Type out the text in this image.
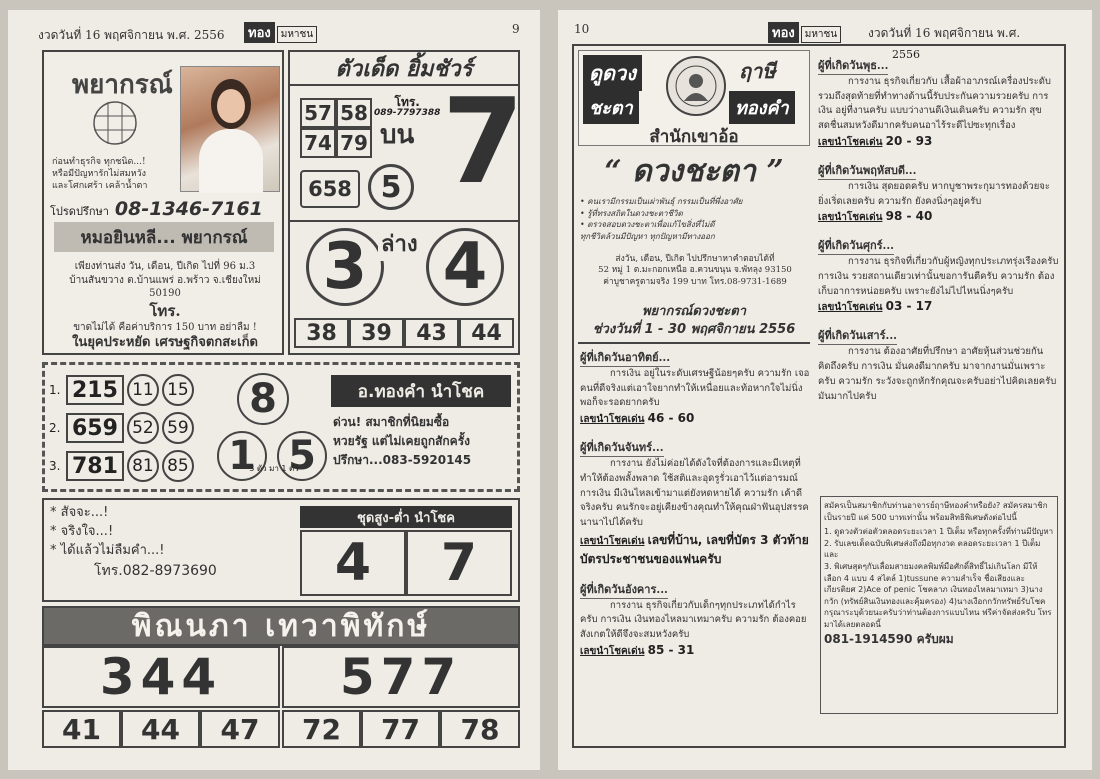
งวดวันที่ 16 พฤศจิกายน พ.ศ. 2556	ทอง มหาชน	9
พยากรณ์
ก่อนทำธุรกิจ ทุกชนิด...!
หรือมีปัญหารักไม่สมหวัง
และโศกเศร้า เคล้าน้ำตา
โปรดปรึกษา 08-1346-7161
หมอยินหลี... พยากรณ์
เพียงท่านส่ง วัน, เดือน, ปีเกิด ไปที่ 96 ม.3
บ้านสันขวาง ต.บ้านแพร่ อ.พร้าว จ.เชียงใหม่ 50190
โทร.
ขาดไม่ได้ คือค่าบริการ 150 บาท อย่าลืม !
ในยุคประหยัด เศรษฐกิจตกสะเก็ด
ตัวเด็ด ยิ้มชัวร์
57 58
74 79
โทร.
089-7797388
บน 7
658 5
3 4
ล่าง
38	39	43	44
1. 215 11 15
2. 659 52 59
3. 781 81 85
8
1 5
3 ตัว มา 1 ตัว
อ.ทองคำ นำโชค
ด่วน! สมาชิกที่นิยมซื้อ
หวยรัฐ แต่ไม่เคยถูกสักครั้ง
ปรึกษา...083-5920145
* สัจจะ...!
* จริงใจ...!
* ได้แล้วไม่ลืมคำ...!
โทร.082-8973690
ชุดสูง-ต่ำ นำโชค
4	7
พิณนภา เทวาพิทักษ์
344	577
41	44	47	72	77	78
10	ทอง มหาชน	งวดวันที่ 16 พฤศจิกายน พ.ศ.
ดูดวง
ชะตา
ฤาษี
ทองคำ
สำนักเขาอ้อ
“ ดวงชะตา ”
• คนเรามีกรรมเป็นเผ่าพันธุ์ กรรมเป็นที่พึ่งอาศัย
• รู้ที่ทรงสถิตในดวงชะตาชีวิต
• ตรวจสอบดวงชะตาเพื่อแก้ไขสิ่งที่ไม่ดี
ทุกชีวิตล้วนมีปัญหา ทุกปัญหามีทางออก
ส่งวัน, เดือน, ปีเกิด ไปปรึกษาหาคำตอบได้ที่
52 หมู่ 1 ต.มะกอกเหนือ อ.ควนขนุน จ.พัทลุง 93150
ค่าบูชาครูตามจริง 199 บาท โทร.08-9731-1689
พยากรณ์ดวงชะตา
ช่วงวันที่ 1 - 30 พฤศจิกายน 2556
ผู้ที่เกิดวันอาทิตย์...
การเงิน อยู่ในระดับเศรษฐีน้อยๆครับ ความรัก เจอคนที่ดีจริงแต่เอาใจยากทำให้เหนื่อยและท้อหากใจไม่นิ่งพอก็จะรอดยากครับ
เลขนำโชคเด่น 46 - 60
ผู้ที่เกิดวันจันทร์...
การงาน ยังไม่ค่อยได้ดังใจที่ต้องการและมีเหตุที่ทำให้ต้องพลั้งพลาด ใช้สติและอุดรูรั่วเอาไว้แต่อารมณ์ การเงิน มีเงินไหลเข้ามาแต่ยังหดหายได้ ความรัก เค้าดีจริงครับ คนรักจะอยู่เคียงข้างคุณทำให้คุณฝ่าฟันอุปสรรคนานาไปได้ครับ
เลขนำโชคเด่น เลขที่บ้าน, เลขที่บัตร 3 ตัวท้ายบัตรประชาชนของแฟนครับ
ผู้ที่เกิดวันอังคาร...
การงาน ธุรกิจเกี่ยวกับเด็กๆทุกประเภทได้กำไรครับ การเงิน เงินทองไหลมาเทมาครับ ความรัก ต้องคอยสังเกตให้ดีจึงจะสมหวังครับ
เลขนำโชคเด่น 85 - 31
2556
ผู้ที่เกิดวันพุธ...
การงาน ธุรกิจเกี่ยวกับ เสื้อผ้าอาภรณ์เครื่องประดับรวมถึงสุดท้ายที่ทำทางด้านนี้รับประกันความรวยครับ การเงิน อยู่ที่งานครับ แบบว่างานดีเงินเดินครับ ความรัก สุขสดชื่นสมหวังดีมากครับคนอาไร้ระดีไปซะทุกเรื่อง
เลขนำโชคเด่น 20 - 93
ผู้ที่เกิดวันพฤหัสบดี...
การเงิน สุดยอดครับ หากบูชาพระกุมารทองด้วยจะยิ่งเริ่ดเลยครับ ความรัก ยังคงนิ่งๆอยู่ครับ
เลขนำโชคเด่น 98 - 40
ผู้ที่เกิดวันศุกร์...
การงาน ธุรกิจที่เกี่ยวกับผู้หญิงทุกประเภทรุ่งเรืองครับ การเงิน รวยสถานเดียวเท่านั้นขอการันตีครับ ความรัก ต้องเก็บอาการหน่อยครับ เพราะยังไม่ไปไหนนิ่งๆครับ
เลขนำโชคเด่น 03 - 17
ผู้ที่เกิดวันเสาร์...
การงาน ต้องอาศัยที่ปรึกษา อาศัยหุ้นส่วนช่วยกันคิดถึงครับ การเงิน มั่นคงดีมากครับ มาจากงานมั่นเพราะครับ ความรัก ระวังจะถูกหักรักคุณจะครับอย่าไปคิดเลยครับมันมากไปครับ
สมัครเป็นสมาชิกกับท่านอาจารย์ฤาษีทองคำหรือยัง? สมัครสมาชิกเป็นรายปี แค่ 500 บาทเท่านั้น พร้อมสิทธิพิเศษดังต่อไปนี้
1. ดูดวงตัวต่อตัวตลอดระยะเวลา 1 ปีเต็ม หรือทุกครั้งที่ท่านมีปัญหา
2. รับเลขเด็ดฉบับพิเศษส่งถึงมือทุกงวด ตลอดระยะเวลา 1 ปีเต็ม และ
3. พิเศษสุดๆกับเลื่อมสายมงคลพิมพ์มือศักดิ์สิทธิ์ไม่เกินโลก มีให้เลือก 4 แบบ 4 สไตล์ 1)tussune ความสำเร็จ ชื่อเสียงและเกียรติยศ 2)Ace of penic โชคลาภ เงินทองไหลมาเทมา 3)นางกวัก (ทรัพย์สินเงินทองและคุ้มครอง) 4)นางเงือกกวักทรัพย์รับโชค
กรุณาระบุด้วยนะครับว่าท่านต้องการแบบไหน ฟรีค่าจัดส่งครับ โทรมาได้เลยตลอดนี้
081-1914590 ครับผม
